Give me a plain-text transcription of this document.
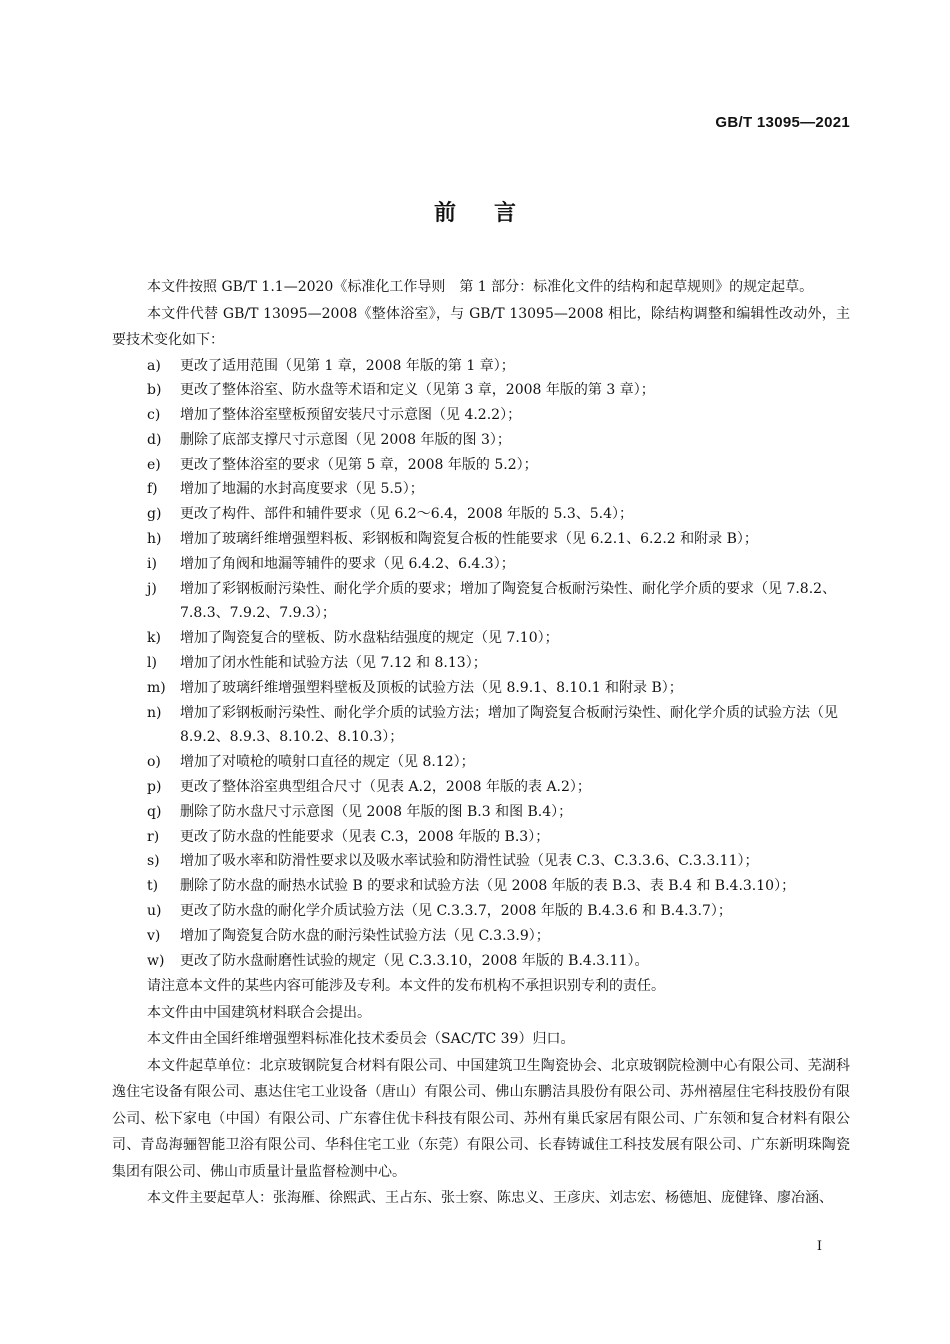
GB/T 13095—2021
前言

本文件按照 GB/T 1.1—2020《标准化工作导则　第 1 部分：标准化文件的结构和起草规则》的规定起草。

本文件代替 GB/T 13095—2008《整体浴室》，与 GB/T 13095—2008 相比，除结构调整和编辑性改动外，主要技术变化如下：

a) 更改了适用范围（见第 1 章，2008 年版的第 1 章）；
b) 更改了整体浴室、防水盘等术语和定义（见第 3 章，2008 年版的第 3 章）；
c) 增加了整体浴室壁板预留安装尺寸示意图（见 4.2.2）；
d) 删除了底部支撑尺寸示意图（见 2008 年版的图 3）；
e) 更改了整体浴室的要求（见第 5 章，2008 年版的 5.2）；
f) 增加了地漏的水封高度要求（见 5.5）；
g) 更改了构件、部件和辅件要求（见 6.2～6.4，2008 年版的 5.3、5.4）；
h) 增加了玻璃纤维增强塑料板、彩钢板和陶瓷复合板的性能要求（见 6.2.1、6.2.2 和附录 B）；
i) 增加了角阀和地漏等辅件的要求（见 6.4.2、6.4.3）；
j) 增加了彩钢板耐污染性、耐化学介质的要求；增加了陶瓷复合板耐污染性、耐化学介质的要求（见 7.8.2、7.8.3、7.9.2、7.9.3）；
k) 增加了陶瓷复合的壁板、防水盘粘结强度的规定（见 7.10）；
l) 增加了闭水性能和试验方法（见 7.12 和 8.13）；
m) 增加了玻璃纤维增强塑料壁板及顶板的试验方法（见 8.9.1、8.10.1 和附录 B）；
n) 增加了彩钢板耐污染性、耐化学介质的试验方法；增加了陶瓷复合板耐污染性、耐化学介质的试验方法（见 8.9.2、8.9.3、8.10.2、8.10.3）；
o) 增加了对喷枪的喷射口直径的规定（见 8.12）；
p) 更改了整体浴室典型组合尺寸（见表 A.2，2008 年版的表 A.2）；
q) 删除了防水盘尺寸示意图（见 2008 年版的图 B.3 和图 B.4）；
r) 更改了防水盘的性能要求（见表 C.3，2008 年版的 B.3）；
s) 增加了吸水率和防滑性要求以及吸水率试验和防滑性试验（见表 C.3、C.3.3.6、C.3.3.11）；
t) 删除了防水盘的耐热水试验 B 的要求和试验方法（见 2008 年版的表 B.3、表 B.4 和 B.4.3.10）；
u) 更改了防水盘的耐化学介质试验方法（见 C.3.3.7，2008 年版的 B.4.3.6 和 B.4.3.7）；
v) 增加了陶瓷复合防水盘的耐污染性试验方法（见 C.3.3.9）；
w) 更改了防水盘耐磨性试验的规定（见 C.3.3.10，2008 年版的 B.4.3.11）。

请注意本文件的某些内容可能涉及专利。本文件的发布机构不承担识别专利的责任。

本文件由中国建筑材料联合会提出。

本文件由全国纤维增强塑料标准化技术委员会（SAC/TC 39）归口。

本文件起草单位：北京玻钢院复合材料有限公司、中国建筑卫生陶瓷协会、北京玻钢院检测中心有限公司、芜湖科逸住宅设备有限公司、惠达住宅工业设备（唐山）有限公司、佛山东鹏洁具股份有限公司、苏州禧屋住宅科技股份有限公司、松下家电（中国）有限公司、广东睿住优卡科技有限公司、苏州有巢氏家居有限公司、广东领和复合材料有限公司、青岛海骊智能卫浴有限公司、华科住宅工业（东莞）有限公司、长春铸诚住工科技发展有限公司、广东新明珠陶瓷集团有限公司、佛山市质量计量监督检测中心。

本文件主要起草人：张海雁、徐熙武、王占东、张士察、陈忠义、王彦庆、刘志宏、杨德旭、庞健锋、廖冶涵、

I
